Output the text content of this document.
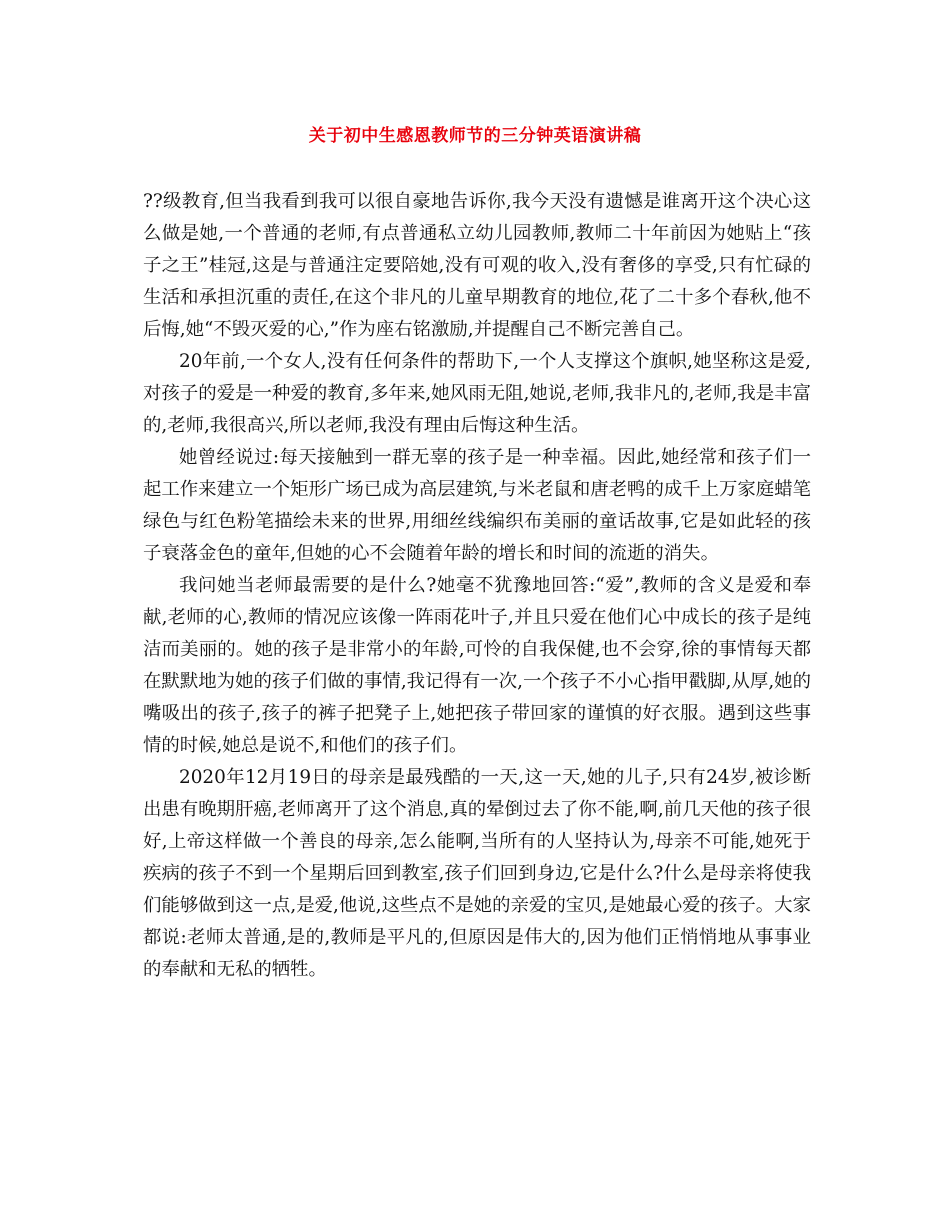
关于初中生感恩教师节的三分钟英语演讲稿

??级教育,但当我看到我可以很自豪地告诉你,我今天没有遗憾是谁离开这个决心这么做是她,一个普通的老师,有点普通私立幼儿园教师,教师二十年前因为她贴上“孩子之王”桂冠,这是与普通注定要陪她,没有可观的收入,没有奢侈的享受,只有忙碌的生活和承担沉重的责任,在这个非凡的儿童早期教育的地位,花了二十多个春秋,他不后悔,她“不毁灭爱的心,”作为座右铭激励,并提醒自己不断完善自己。

20年前,一个女人,没有任何条件的帮助下,一个人支撑这个旗帜,她坚称这是爱,对孩子的爱是一种爱的教育,多年来,她风雨无阻,她说,老师,我非凡的,老师,我是丰富的,老师,我很高兴,所以老师,我没有理由后悔这种生活。

她曾经说过:每天接触到一群无辜的孩子是一种幸福。因此,她经常和孩子们一起工作来建立一个矩形广场已成为高层建筑,与米老鼠和唐老鸭的成千上万家庭蜡笔绿色与红色粉笔描绘未来的世界,用细丝线编织布美丽的童话故事,它是如此轻的孩子衰落金色的童年,但她的心不会随着年龄的增长和时间的流逝的消失。

我问她当老师最需要的是什么?她毫不犹豫地回答:“爱”,教师的含义是爱和奉献,老师的心,教师的情况应该像一阵雨花叶子,并且只爱在他们心中成长的孩子是纯洁而美丽的。她的孩子是非常小的年龄,可怜的自我保健,也不会穿,徐的事情每天都在默默地为她的孩子们做的事情,我记得有一次,一个孩子不小心指甲戳脚,从厚,她的嘴吸出的孩子,孩子的裤子把凳子上,她把孩子带回家的谨慎的好衣服。遇到这些事情的时候,她总是说不,和他们的孩子们。

2020年12月19日的母亲是最残酷的一天,这一天,她的儿子,只有24岁,被诊断出患有晚期肝癌,老师离开了这个消息,真的晕倒过去了你不能,啊,前几天他的孩子很好,上帝这样做一个善良的母亲,怎么能啊,当所有的人坚持认为,母亲不可能,她死于疾病的孩子不到一个星期后回到教室,孩子们回到身边,它是什么?什么是母亲将使我们能够做到这一点,是爱,他说,这些点不是她的亲爱的宝贝,是她最心爱的孩子。大家都说:老师太普通,是的,教师是平凡的,但原因是伟大的,因为他们正悄悄地从事事业的奉献和无私的牺牲。
